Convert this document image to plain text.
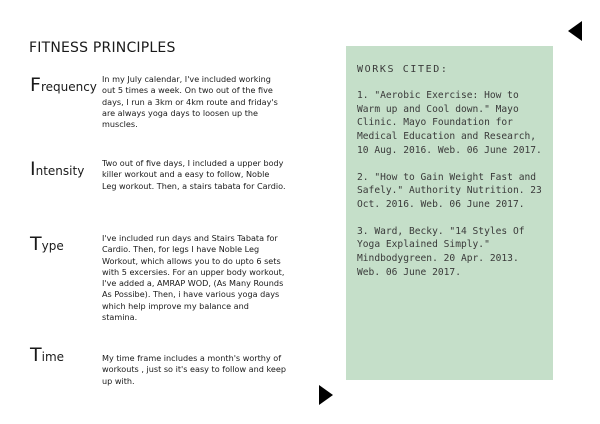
FITNESS PRINCIPLES
Frequency

In my July calendar, I've included working out 5 times a week. On two out of the five days, I run a 3km or 4km route and friday's are always yoga days to loosen up the muscles.

Intensity

Two out of five days, I included a upper body killer workout and a easy to follow, Noble Leg workout. Then, a stairs tabata for Cardio.

Type

I've included run days and Stairs Tabata for Cardio. Then, for legs I have Noble Leg Workout, which allows you to do upto 6 sets with 5 excersies. For an upper body workout, I've added a, AMRAP WOD, (As Many Rounds As Possibe). Then, i have various yoga days which help improve my balance and stamina.

Time	My time frame includes a month's worthy of workouts , just so it's easy to follow and keep up with.

WORKS CITED:

1. "Aerobic Exercise: How to Warm up and Cool down." Mayo Clinic. Mayo Foundation for Medical Education and Research, 10 Aug. 2016. Web. 06 June 2017.

2. "How to Gain Weight Fast and Safely." Authority Nutrition. 23 Oct. 2016. Web. 06 June 2017.

3. Ward, Becky. "14 Styles Of Yoga Explained Simply." Mindbodygreen. 20 Apr. 2013. Web. 06 June 2017.
